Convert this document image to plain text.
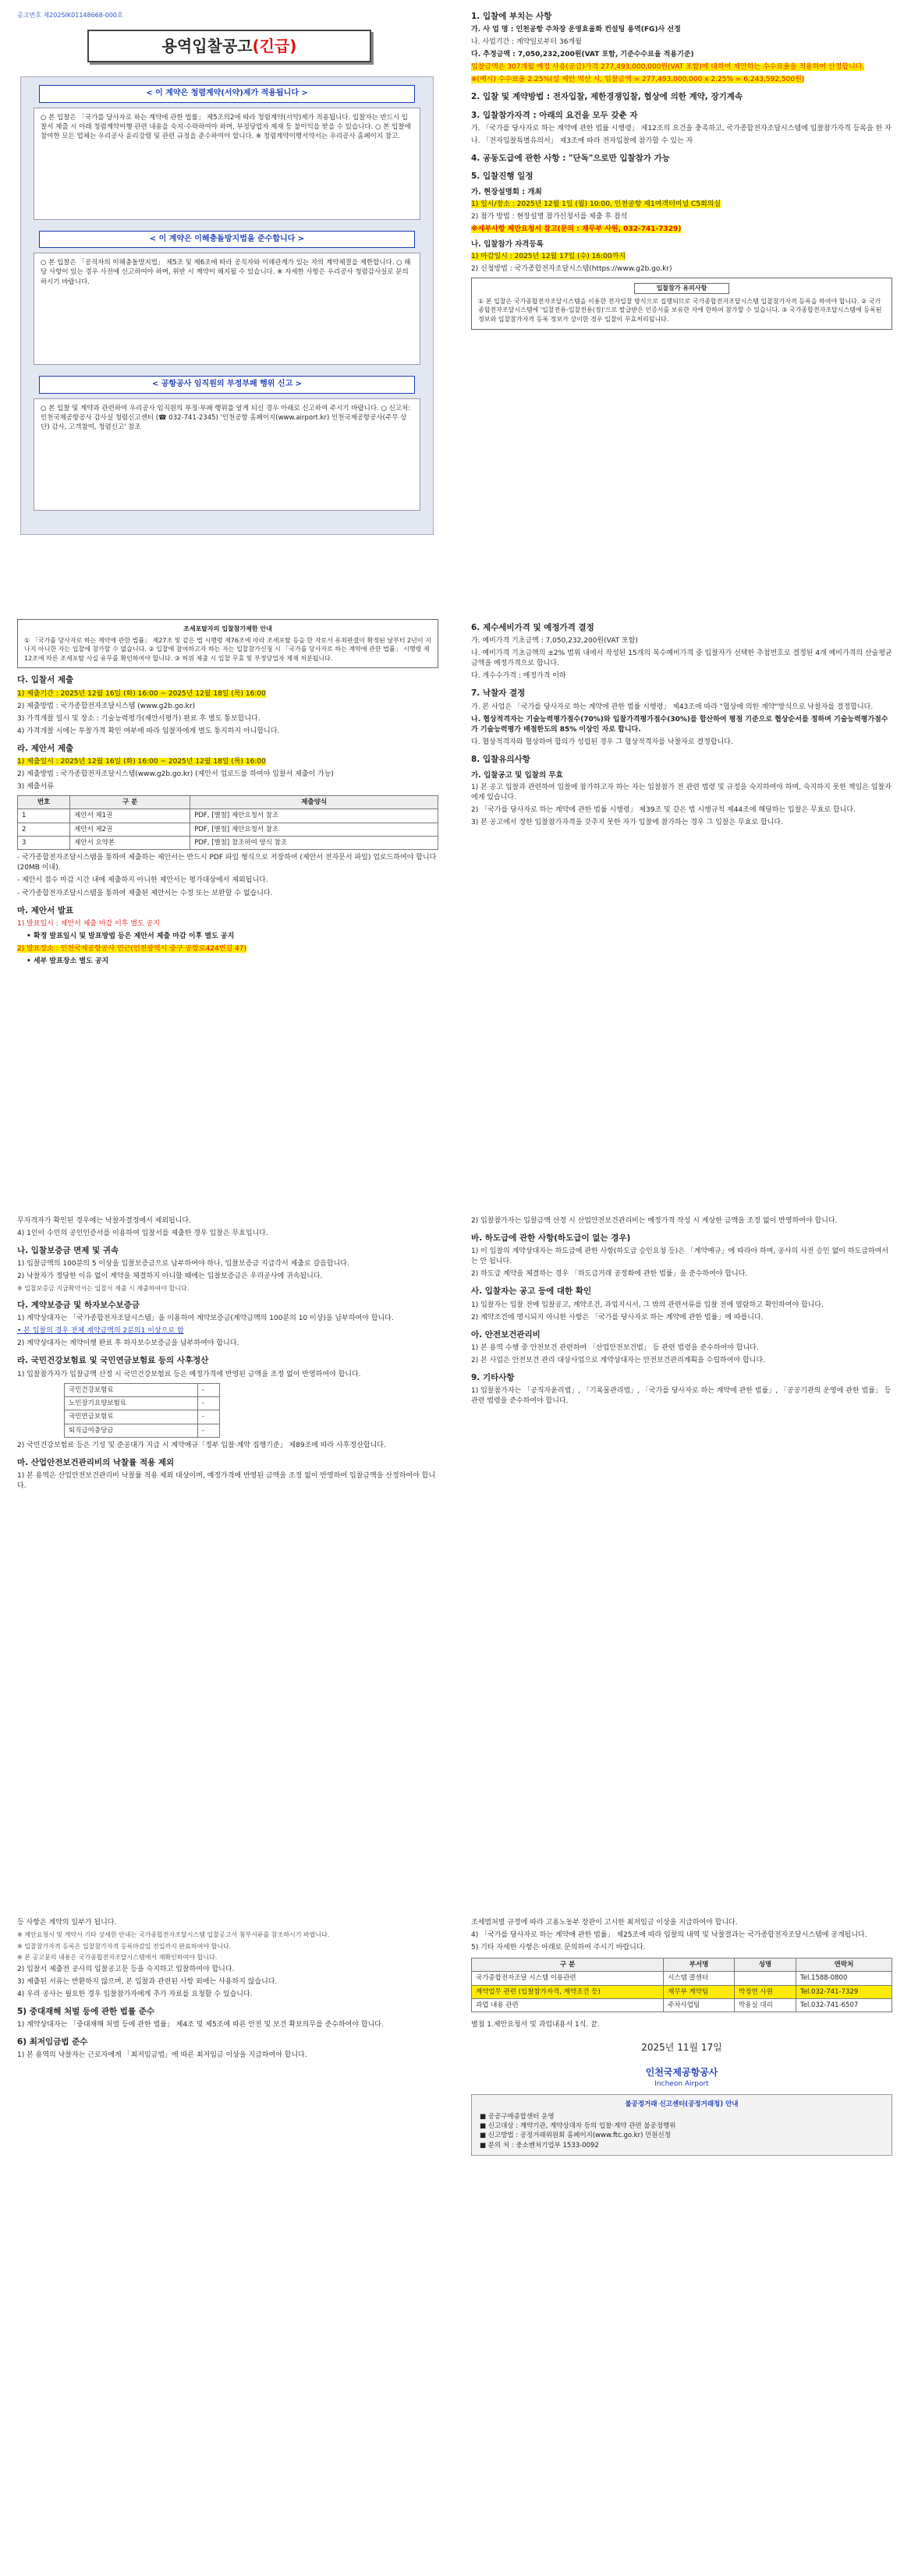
공고번호 제2025IK01148668-000호
용역입찰공고(긴급)
< 이 계약은 청렴계약(서약)제가 적용됩니다 >
○ 본 입찰은 「국가를 당사자로 하는 계약에 관한 법률」 제5조의2에 따라 청렴계약(서약)제가 적용됩니다. 입찰자는 반드시 입찰서 제출 시 아래 청렴계약이행 관련 내용을 숙지·수락하여야 하며, 부정당업자 제재 등 불이익을 받을 수 있습니다. ○ 본 입찰에 참여한 모든 업체는 우리공사 윤리강령 및 관련 규정을 준수하여야 합니다. ※ 청렴계약이행서약서는 우리공사 홈페이지 참고.
< 이 계약은 이해충돌방지법을 준수합니다 >
○ 본 입찰은 「공직자의 이해충돌방지법」 제5조 및 제6조에 따라 공직자와 이해관계가 있는 자의 계약체결을 제한합니다. ○ 해당 사항이 있는 경우 사전에 신고하여야 하며, 위반 시 계약이 해지될 수 있습니다. ※ 자세한 사항은 우리공사 청렴감사실로 문의하시기 바랍니다.
< 공항공사 임직원의 부정부패 행위 신고 >
○ 본 입찰 및 계약과 관련하여 우리공사 임직원의 부정·부패 행위를 알게 되신 경우 아래로 신고하여 주시기 바랍니다. ○ 신고처: 인천국제공항공사 감사실 청렴신고센터 (☎ 032-741-2345) '인천공항 홈페이지(www.airport.kr) 인천국제공항공사(주무 상단) 감사, 고객참여, 청렴신고' 참조
조세포탈자의 입찰참가제한 안내
① 「국가를 당사자로 하는 계약에 관한 법률」 제27조 및 같은 법 시행령 제76조에 따라 조세포탈 등을 한 자로서 유죄판결이 확정된 날부터 2년이 지나지 아니한 자는 입찰에 참가할 수 없습니다. ② 입찰에 참여하고자 하는 자는 입찰참가신청 시 「국가를 당사자로 하는 계약에 관한 법률」 시행령 제12조에 따른 조세포탈 사실 유무를 확인하여야 합니다. ③ 허위 제출 시 입찰 무효 및 부정당업자 제재 처분됩니다.
다. 입찰서 제출
1) 제출기간 : 2025년 12월 16일 (화) 16:00 ~ 2025년 12월 18일 (목) 16:00
2) 제출방법 : 국가종합전자조달시스템 (www.g2b.go.kr)
3) 가격개찰 일시 및 장소 : 기술능력평가(제안서평가) 완료 후 별도 통보합니다.
4) 가격개찰 시에는 투찰가격 확인 여부에 따라 입찰자에게 별도 통지하지 아니합니다.
라. 제안서 제출
1) 제출일시 : 2025년 12월 16일 (화) 16:00 ~ 2025년 12월 18일 (목) 16:00
2) 제출방법 : 국가종합전자조달시스템(www.g2b.go.kr) (제안서 업로드를 하여야 입찰서 제출이 가능)
3) 제출서류
번호	구 분	제출양식
1	제안서 제1권	PDF, [별첨] 제안요청서 참조
2	제안서 제2권	PDF, [별첨] 제안요청서 참조
3	제안서 요약본	PDF, [별첨] 참조하여 양식 참조
- 국가종합전자조달시스템을 통하여 제출하는 제안서는 반드시 PDF 파일 형식으로 저장하여 (제안서 전자문서 파일) 업로드하여야 합니다(20MB 이내).
- 제안서 접수 마감 시간 내에 제출하지 아니한 제안서는 평가대상에서 제외됩니다.
- 국가종합전자조달시스템을 통하여 제출된 제안서는 수정 또는 보완할 수 없습니다.
마. 제안서 발표
1) 발표일시 : 제안서 제출 마감 이후 별도 공지
• 확정 발표일시 및 발표방법 등은 제안서 제출 마감 이후 별도 공지
2) 발표장소 : 인천국제공항공사 인근(인천광역시 중구 공항로424번길 47)
• 세부 발표장소 별도 공지
1. 입찰에 부치는 사항
가. 사 업 명 : 인천공항 주차장 운영효율화 컨설팅 용역(FG)사 선정
나. 사업기간 : 계약일로부터 36개월
다. 추정금액 : 7,050,232,200원(VAT 포함, 기준수수료율 적용기준)
입찰금액은 307개월 예정 사용(공급)가격 277,493,000,000원(VAT 포함)에 대하여 제안하는 수수료율을 적용하여 산정합니다.
※(예시) 수수료율 2.25%(설 제안 역산 시, 입찰금액 = 277,493,000,000 x 2.25% = 6,243,592,500원)
2. 입찰 및 계약방법 : 전자입찰, 제한경쟁입찰, 협상에 의한 계약, 장기계속
3. 입찰참가자격 : 아래의 요건을 모두 갖춘 자
가. 「국가를 당사자로 하는 계약에 관한 법률 시행령」 제12조의 요건을 충족하고, 국가종합전자조달시스템에 입찰참가자격 등록을 한 자
나. 「전자입찰특별유의서」 제3조에 따라 전자입찰에 참가할 수 있는 자
4. 공동도급에 관한 사항 : "단독"으로만 입찰참가 가능
5. 입찰진행 일정
가. 현장설명회 : 개최
1) 일시/장소 : 2025년 12월 1일 (월) 10:00, 인천공항 제1여객터미널 C5회의실
2) 참가 방법 : 현장설명 참가신청서를 제출 후 참석
※세부사항 제안요청서 참고(문의 : 재무부 사원, 032-741-7329)
나. 입찰참가 자격등록
1) 마감일시 : 2025년 12월 17일 (수) 16:00까지
2) 신청방법 : 국가종합전자조달시스템(https://www.g2b.go.kr)
입찰참가 유의사항
① 본 입찰은 국가종합전자조달시스템을 이용한 전자입찰 방식으로 집행되므로 국가종합전자조달시스템 입찰참가자격 등록을 하여야 합니다. ② 국가종합전자조달시스템에 '입찰전용-입찰전용(정)'으로 발급받은 인증서를 보유한 자에 한하여 참가할 수 있습니다. ③ 국가종합전자조달시스템에 등록된 정보와 입찰참가자격 등록 정보가 상이한 경우 입찰이 무효처리됩니다.
6. 제수세비가격 및 예정가격 결정
가. 예비가격 기초금액 : 7,050,232,200원(VAT 포함)
나. 예비가격 기초금액의 ±2% 범위 내에서 작성된 15개의 복수예비가격 중 입찰자가 선택한 추첨번호로 결정된 4개 예비가격의 산술평균 금액을 예정가격으로 합니다.
다. 개수수가격 : 예정가격 이하
7. 낙찰자 결정
가. 본 사업은 「국가를 당사자로 하는 계약에 관한 법률 시행령」 제43조에 따라 "협상에 의한 계약"방식으로 낙찰자를 결정합니다.
나. 협상적격자는 기술능력평가점수(70%)와 입찰가격평가점수(30%)를 합산하여 평점 기준으로 협상순서를 정하며 기술능력평가점수가 기술능력평가 배점한도의 85% 이상인 자로 합니다.
다. 협상적격자와 협상하여 합의가 성립된 경우 그 협상적격자를 낙찰자로 결정합니다.
8. 입찰유의사항
가. 입찰공고 및 입찰의 무효
1) 본 공고 입찰과 관련하여 입찰에 참가하고자 하는 자는 입찰참가 전 관련 법령 및 규정을 숙지하여야 하며, 숙지하지 못한 책임은 입찰자에게 있습니다.
2) 「국가를 당사자로 하는 계약에 관한 법률 시행령」 제39조 및 같은 법 시행규칙 제44조에 해당하는 입찰은 무효로 합니다.
3) 본 공고에서 정한 입찰참가자격을 갖추지 못한 자가 입찰에 참가하는 경우 그 입찰은 무효로 합니다.
무자격자가 확인된 경우에는 낙찰자결정에서 제외됩니다.
4) 1인이 수인의 공인인증서를 이용하여 입찰서를 제출한 경우 입찰은 무효입니다.
나. 입찰보증금 면제 및 귀속
1) 입찰금액의 100분의 5 이상을 입찰보증금으로 납부하여야 하나, 입찰보증금 지급각서 제출로 갈음합니다.
2) 낙찰자가 정당한 이유 없이 계약을 체결하지 아니할 때에는 입찰보증금은 우리공사에 귀속됩니다.
※ 입찰보증금 지급확약서는 입찰서 제출 시 제출하여야 합니다.
다. 계약보증금 및 하자보수보증금
1) 계약상대자는 「국가종합전자조달시스템」을 이용하여 계약보증금(계약금액의 100분의 10 이상)을 납부하여야 합니다.
• 본 입찰의 경우 전체 계약금액의 2분의1 이상으로 함
2) 계약상대자는 계약이행 완료 후 하자보수보증금을 납부하여야 합니다.
라. 국민건강보험료 및 국민연금보험료 등의 사후정산
1) 입찰참가자가 입찰금액 산정 시 국민건강보험료 등은 예정가격에 반영된 금액을 조정 없이 반영하여야 합니다.
국민건강보험료	-
노인장기요양보험료	-
국민연금보험료	-
퇴직급여충당금	-
2) 국민건강보험료 등은 기성 및 준공대가 지급 시 계약예규「정부 입찰·계약 집행기준」 제89조에 따라 사후정산합니다.
마. 산업안전보건관리비의 낙찰률 적용 제외
1) 본 용역은 산업안전보건관리비 낙찰률 적용 제외 대상이며, 예정가격에 반영된 금액을 조정 없이 반영하여 입찰금액을 산정하여야 합니다.
2) 입찰참가자는 입찰금액 산정 시 산업안전보건관리비는 예정가격 작성 시 계상한 금액을 조정 없이 반영하여야 합니다.
바. 하도급에 관한 사항(하도급이 없는 경우)
1) 이 입찰의 계약상대자는 하도급에 관한 사항(하도급 승인요청 등)은 「계약예규」에 따라야 하며, 공사의 사전 승인 없이 하도급하여서는 안 됩니다.
2) 하도급 계약을 체결하는 경우 「하도급거래 공정화에 관한 법률」을 준수하여야 합니다.
사. 입찰자는 공고 등에 대한 확인
1) 입찰자는 입찰 전에 입찰공고, 계약조건, 과업지시서, 그 밖의 관련서류를 입찰 전에 열람하고 확인하여야 합니다.
2) 계약조건에 명시되지 아니한 사항은 「국가를 당사자로 하는 계약에 관한 법률」에 따릅니다.
아. 안전보건관리비
1) 본 용역 수행 중 안전보건 관련하여 「산업안전보건법」 등 관련 법령을 준수하여야 합니다.
2) 본 사업은 안전보건 관리 대상사업으로 계약상대자는 안전보건관리계획을 수립하여야 합니다.
9. 기타사항
1) 입찰참가자는 「공직자윤리법」, 「기록물관리법」, 「국가를 당사자로 하는 계약에 관한 법률」, 「공공기관의 운영에 관한 법률」 등 관련 법령을 준수하여야 합니다.
등 사항은 계약의 일부가 됩니다.
※ 제안요청서 및 계약서 기타 상세한 안내는 국가종합전자조달시스템 입찰공고서 첨부서류를 참조하시기 바랍니다.
※ 입찰참가자격 등록은 입찰참가자격 등록마감일 전일까지 완료하여야 합니다.
※ 본 공고문의 내용은 국가종합전자조달시스템에서 재확인하여야 합니다.
2) 입찰서 제출전 공사의 입찰공고문 등을 숙지하고 입찰하여야 합니다.
3) 제출된 서류는 반환하지 않으며, 본 입찰과 관련된 사항 외에는 사용하지 않습니다.
4) 우리 공사는 필요한 경우 입찰참가자에게 추가 자료를 요청할 수 있습니다.
5) 중대재해 처벌 등에 관한 법률 준수
1) 계약상대자는 「중대재해 처벌 등에 관한 법률」 제4조 및 제5조에 따른 안전 및 보건 확보의무를 준수하여야 합니다.
6) 최저임금법 준수
1) 본 용역의 낙찰자는 근로자에게 「최저임금법」에 따른 최저임금 이상을 지급하여야 합니다.
조세범처벌 규정에 따라 고용노동부 장관이 고시한 최저임금 이상을 지급하여야 합니다.
4) 「국가를 당사자로 하는 계약에 관한 법률」 제25조에 따라 입찰의 내역 및 낙찰결과는 국가종합전자조달시스템에 공개됩니다.
5) 기타 자세한 사항은 아래로 문의하여 주시기 바랍니다.
구 분	부서명	성명	연락처
국가종합전자조달 시스템 이용관련	시스템 콜센터		Tel.1588-0800
계약업무 관련 (입찰참가자격, 계약조건 등)	재무부 계약팀	박정연 사원	Tel.032-741-7329
과업 내용 관련	주차사업팀	박용실 대리	Tel.032-741-6507
별첨 1.제안요청서 및 과업내용서 1식. 끝.
2025년 11월 17일
인천국제공항공사
Incheon Airport
불공정거래 신고센터(공정거래청) 안내
■ 공공구매종합센터 운영
■ 신고대상 : 계약기관, 계약상대자 등의 입찰·계약 관련 불공정행위
■ 신고방법 : 공정거래위원회 홈페이지(www.ftc.go.kr) 민원신청
■ 문의 처 : 중소벤처기업부 1533-0092
